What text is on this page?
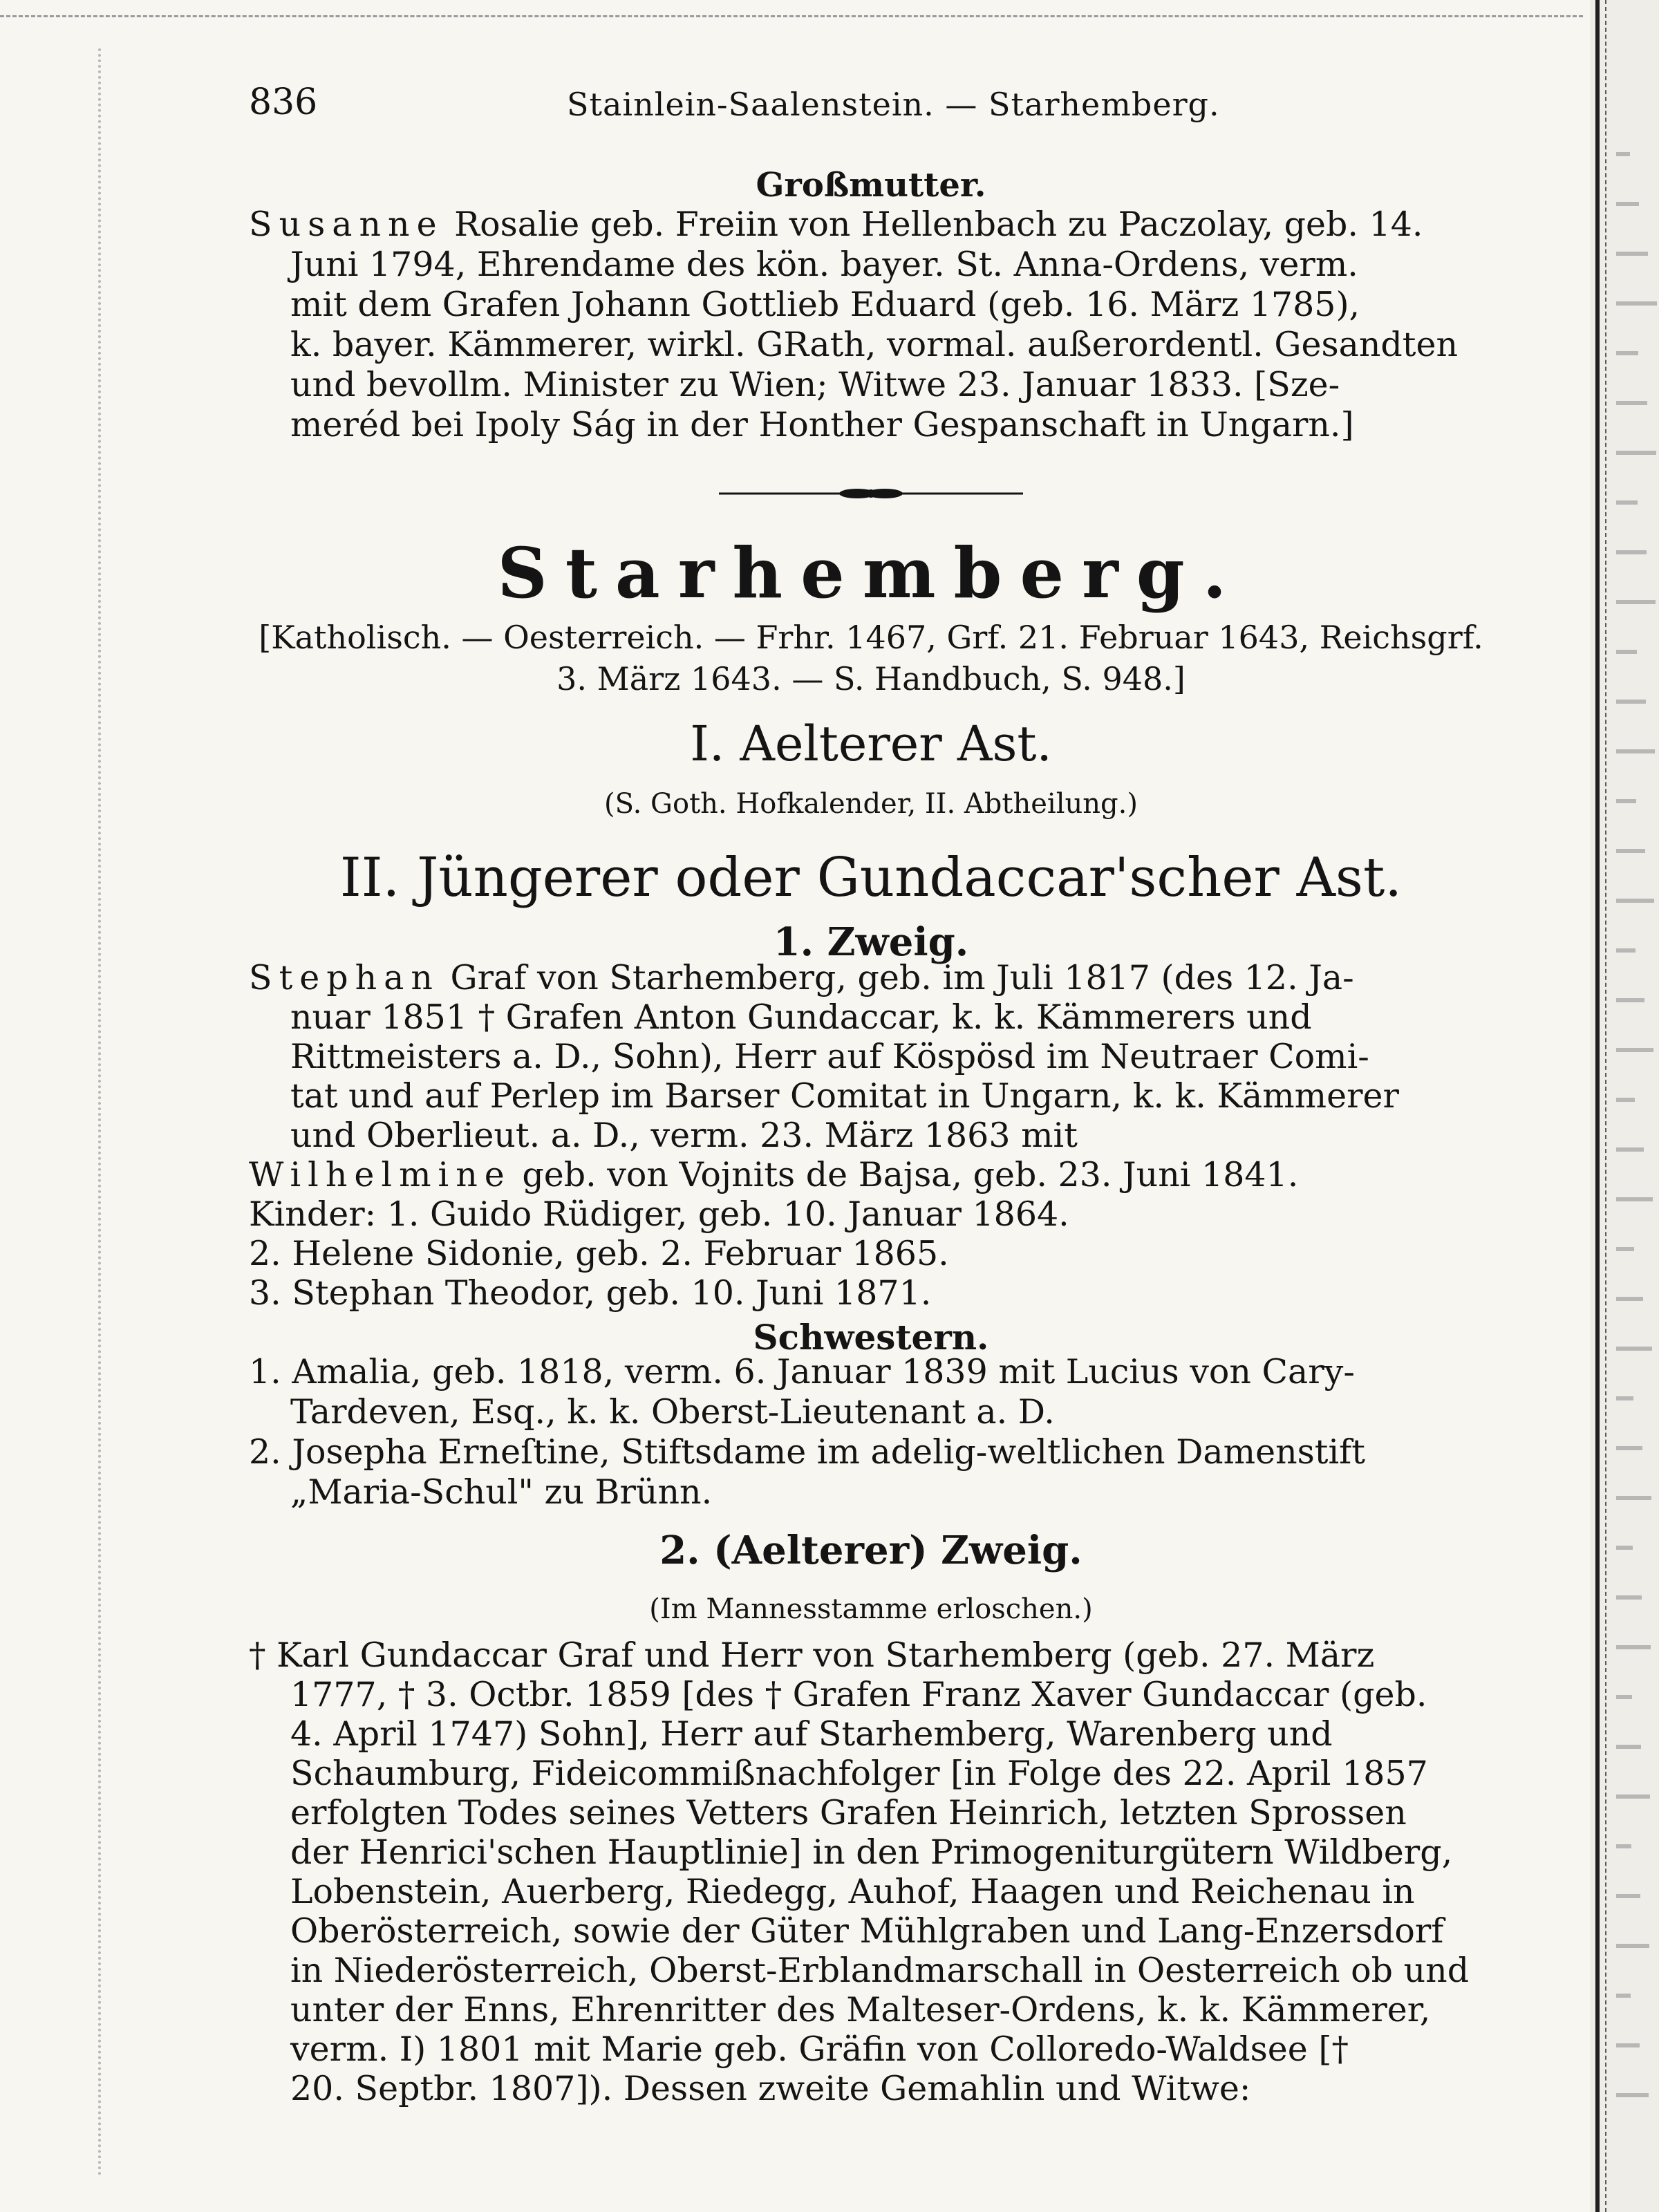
836	Stainlein-Saalenstein. — Starhemberg.
Großmutter.
Susanne Rosalie geb. Freiin von Hellenbach zu Paczolay, geb. 14.
Juni 1794, Ehrendame des kön. bayer. St. Anna-Ordens, verm.
mit dem Grafen Johann Gottlieb Eduard (geb. 16. März 1785),
k. bayer. Kämmerer, wirkl. GRath, vormal. außerordentl. Gesandten
und bevollm. Minister zu Wien; Witwe 23. Januar 1833. [Sze-
meréd bei Ipoly Ság in der Honther Gespanschaft in Ungarn.]
Starhemberg.
[Katholisch. — Oesterreich. — Frhr. 1467, Grf. 21. Februar 1643, Reichsgrf.
3. März 1643. — S. Handbuch, S. 948.]
I. Aelterer Ast.
(S. Goth. Hofkalender, II. Abtheilung.)
II. Jüngerer oder Gundaccar'scher Ast.
1. Zweig.
Stephan Graf von Starhemberg, geb. im Juli 1817 (des 12. Ja-
nuar 1851 † Grafen Anton Gundaccar, k. k. Kämmerers und
Rittmeisters a. D., Sohn), Herr auf Köspösd im Neutraer Comi-
tat und auf Perlep im Barser Comitat in Ungarn, k. k. Kämmerer
und Oberlieut. a. D., verm. 23. März 1863 mit
Wilhelmine geb. von Vojnits de Bajsa, geb. 23. Juni 1841.
Kinder: 1. Guido Rüdiger, geb. 10. Januar 1864.
2. Helene Sidonie, geb. 2. Februar 1865.
3. Stephan Theodor, geb. 10. Juni 1871.
Schwestern.
1. Amalia, geb. 1818, verm. 6. Januar 1839 mit Lucius von Cary-
Tardeven, Esq., k. k. Oberst-Lieutenant a. D.
2. Josepha Erneſtine, Stiftsdame im adelig-weltlichen Damenstift
„Maria-Schul" zu Brünn.
2. (Aelterer) Zweig.
(Im Mannesstamme erloschen.)
† Karl Gundaccar Graf und Herr von Starhemberg (geb. 27. März
1777, † 3. Octbr. 1859 [des † Grafen Franz Xaver Gundaccar (geb.
4. April 1747) Sohn], Herr auf Starhemberg, Warenberg und
Schaumburg, Fideicommißnachfolger [in Folge des 22. April 1857
erfolgten Todes seines Vetters Grafen Heinrich, letzten Sprossen
der Henrici'schen Hauptlinie] in den Primogeniturgütern Wildberg,
Lobenstein, Auerberg, Riedegg, Auhof, Haagen und Reichenau in
Oberösterreich, sowie der Güter Mühlgraben und Lang-Enzersdorf
in Niederösterreich, Oberst-Erblandmarschall in Oesterreich ob und
unter der Enns, Ehrenritter des Malteser-Ordens, k. k. Kämmerer,
verm. I) 1801 mit Marie geb. Gräfin von Colloredo-Waldsee [†
20. Septbr. 1807]). Dessen zweite Gemahlin und Witwe:
